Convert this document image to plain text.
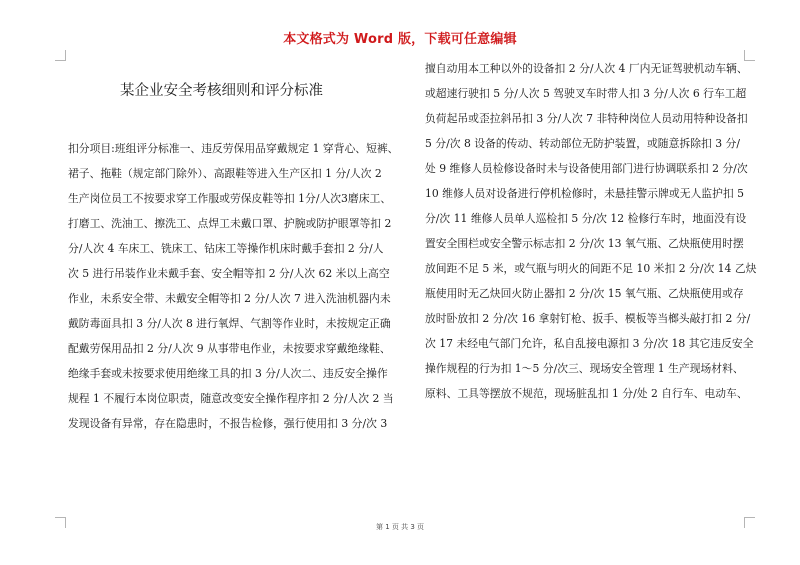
本文格式为 Word 版，下载可任意编辑
某企业安全考核细则和评分标准
扣分项目:班组评分标准一、违反劳保用品穿戴规定 1 穿背心、短裤、
裙子、拖鞋（规定部门除外）、高跟鞋等进入生产区扣 1 分/人次 2
生产岗位员工不按要求穿工作服或劳保皮鞋等扣 1分/人次3磨床工、
打磨工、洗油工、擦洗工、点焊工未戴口罩、护腕或防护眼罩等扣 2
分/人次 4 车床工、铣床工、钻床工等操作机床时戴手套扣 2 分/人
次 5 进行吊装作业未戴手套、安全帽等扣 2 分/人次 62 米以上高空
作业，未系安全带、未戴安全帽等扣 2 分/人次 7 进入洗油机器内未
戴防毒面具扣 3 分/人次 8 进行氧焊、气割等作业时，未按规定正确
配戴劳保用品扣 2 分/人次 9 从事带电作业，未按要求穿戴绝缘鞋、
绝缘手套或未按要求使用绝缘工具的扣 3 分/人次二、违反安全操作
规程 1 不履行本岗位职责，随意改变安全操作程序扣 2 分/人次 2 当
发现设备有异常，存在隐患时，不报告检修，强行使用扣 3 分/次 3
擅自动用本工种以外的设备扣 2 分/人次 4 厂内无证驾驶机动车辆、
或超速行驶扣 5 分/人次 5 驾驶叉车时带人扣 3 分/人次 6 行车工超
负荷起吊或歪拉斜吊扣 3 分/人次 7 非特种岗位人员动用特种设备扣
5 分/次 8 设备的传动、转动部位无防护装置，或随意拆除扣 3 分/
处 9 维修人员检修设备时未与设备使用部门进行协调联系扣 2 分/次
10 维修人员对设备进行停机检修时，未悬挂警示牌或无人监护扣 5
分/次 11 维修人员单人巡检扣 5 分/次 12 检修行车时，地面没有设
置安全围栏或安全警示标志扣 2 分/次 13 氧气瓶、乙炔瓶使用时摆
放间距不足 5 米，或气瓶与明火的间距不足 10 米扣 2 分/次 14 乙炔
瓶使用时无乙炔回火防止器扣 2 分/次 15 氧气瓶、乙炔瓶使用或存
放时卧放扣 2 分/次 16 拿射钉枪、扳手、模板等当榔头敲打扣 2 分/
次 17 未经电气部门允许，私自乱接电源扣 3 分/次 18 其它违反安全
操作规程的行为扣 1～5 分/次三、现场安全管理 1 生产现场材料、
原料、工具等摆放不规范，现场脏乱扣 1 分/处 2 自行车、电动车、
第 1 页 共 3 页
